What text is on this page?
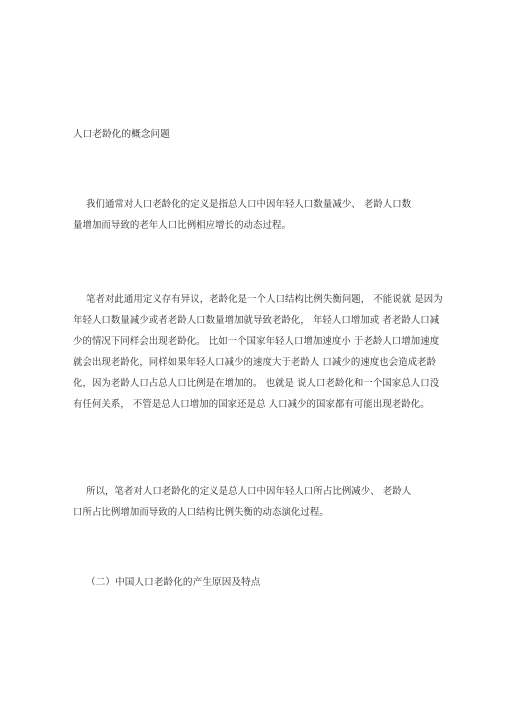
人口老龄化的概念问题
我们通常对人口老龄化的定义是指总人口中因年轻人口数量减少、 老龄人口数
量增加而导致的老年人口比例相应增长的动态过程。
笔者对此通用定义存有异议，老龄化是一个人口结构比例失衡问题， 不能说就 是因为
年轻人口数量减少或者老龄人口数量增加就导致老龄化， 年轻人口增加或 者老龄人口减
少的情况下同样会出现老龄化。 比如一个国家年轻人口增加速度小 于老龄人口增加速度
就会出现老龄化，同样如果年轻人口减少的速度大于老龄人 口减少的速度也会造成老龄
化，因为老龄人口占总人口比例是在增加的。 也就是 说人口老龄化和一个国家总人口没
有任何关系， 不管是总人口增加的国家还是总 人口减少的国家都有可能出现老龄化。
所以，笔者对人口老龄化的定义是总人口中因年轻人口所占比例减少、 老龄人
口所占比例增加而导致的人口结构比例失衡的动态演化过程。
（二）中国人口老龄化的产生原因及特点
